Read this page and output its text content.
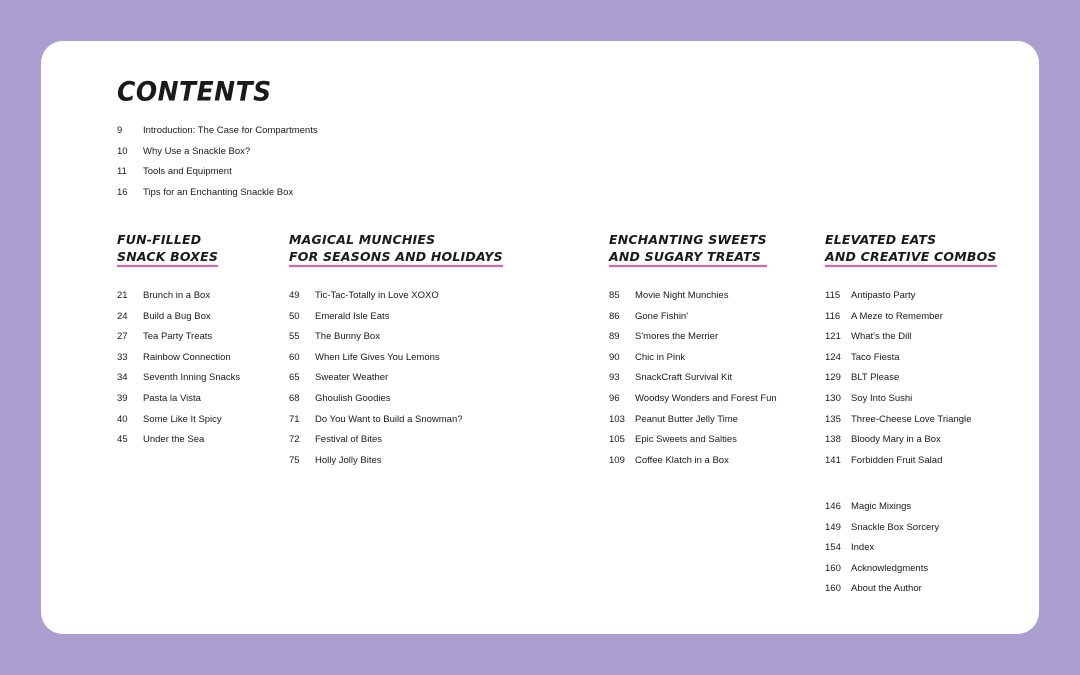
CONTENTS
9 Introduction: The Case for Compartments
10 Why Use a Snackle Box?
11 Tools and Equipment
16 Tips for an Enchanting Snackle Box
FUN-FILLED
SNACK BOXES
21 Brunch in a Box
24 Build a Bug Box
27 Tea Party Treats
33 Rainbow Connection
34 Seventh Inning Snacks
39 Pasta la Vista
40 Some Like It Spicy
45 Under the Sea
MAGICAL MUNCHIES
FOR SEASONS AND HOLIDAYS
49 Tic-Tac-Totally in Love XOXO
50 Emerald Isle Eats
55 The Bunny Box
60 When Life Gives You Lemons
65 Sweater Weather
68 Ghoulish Goodies
71 Do You Want to Build a Snowman?
72 Festival of Bites
75 Holly Jolly Bites
ENCHANTING SWEETS
AND SUGARY TREATS
85 Movie Night Munchies
86 Gone Fishin'
89 S'mores the Merrier
90 Chic in Pink
93 SnackCraft Survival Kit
96 Woodsy Wonders and Forest Fun
103 Peanut Butter Jelly Time
105 Epic Sweets and Salties
109 Coffee Klatch in a Box
ELEVATED EATS
AND CREATIVE COMBOS
115 Antipasto Party
116 A Meze to Remember
121 What's the Dill
124 Taco Fiesta
129 BLT Please
130 Soy Into Sushi
135 Three-Cheese Love Triangle
138 Bloody Mary in a Box
141 Forbidden Fruit Salad
146 Magic Mixings
149 Snackle Box Sorcery
154 Index
160 Acknowledgments
160 About the Author
